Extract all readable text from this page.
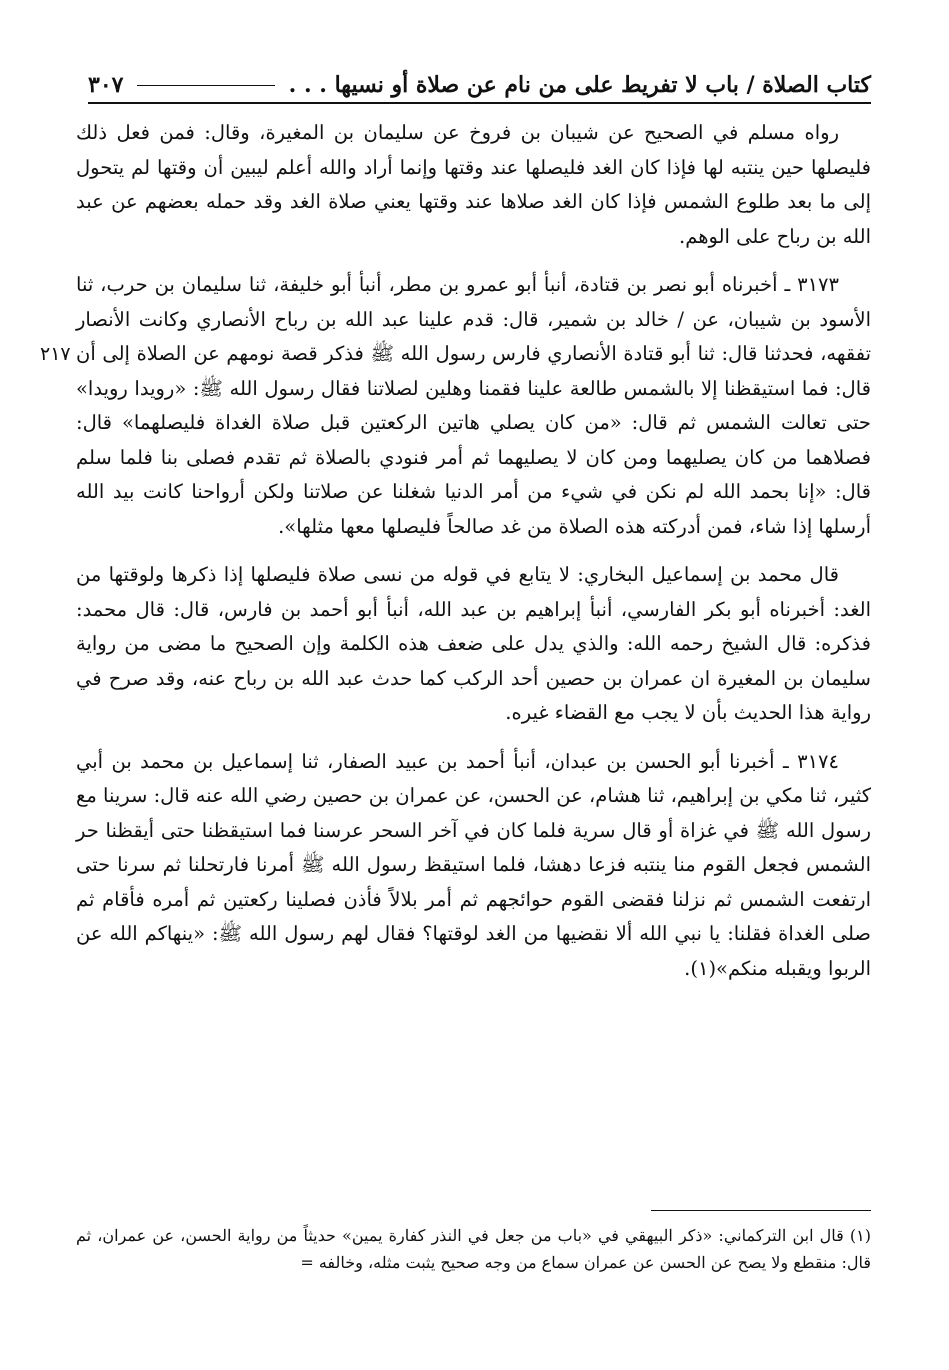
كتاب الصلاة / باب لا تفريط على من نام عن صلاة أو نسيها . . .
٣٠٧

رواه مسلم في الصحيح عن شيبان بن فروخ عن سليمان بن المغيرة، وقال: فمن فعل ذلك فليصلها حين ينتبه لها فإذا كان الغد فليصلها عند وقتها وإنما أراد والله أعلم ليبين أن وقتها لم يتحول إلى ما بعد طلوع الشمس فإذا كان الغد صلاها عند وقتها يعني صلاة الغد وقد حمله بعضهم عن عبد الله بن رباح على الوهم.

٣١٧٣ ـ أخبرناه أبو نصر بن قتادة، أنبأ أبو عمرو بن مطر، أنبأ أبو خليفة، ثنا سليمان بن حرب، ثنا الأسود بن شيبان، عن / خالد بن شمير، قال: قدم علينا عبد الله بن رباح الأنصاري وكانت الأنصار تفقهه، فحدثنا قال: ثنا أبو قتادة الأنصاري فارس رسول الله ﷺ فذكر قصة نومهم عن الصلاة إلى أن قال: فما استيقظنا إلا بالشمس طالعة علينا فقمنا وهلين لصلاتنا فقال رسول الله ﷺ: «رويدا رويدا» حتى تعالت الشمس ثم قال: «من كان يصلي هاتين الركعتين قبل صلاة الغداة فليصلهما» قال: فصلاهما من كان يصليهما ومن كان لا يصليهما ثم أمر فنودي بالصلاة ثم تقدم فصلى بنا فلما سلم قال: «إنا بحمد الله لم نكن في شيء من أمر الدنيا شغلنا عن صلاتنا ولكن أرواحنا كانت بيد الله أرسلها إذا شاء، فمن أدركته هذه الصلاة من غد صالحاً فليصلها معها مثلها».

قال محمد بن إسماعيل البخاري: لا يتابع في قوله من نسى صلاة فليصلها إذا ذكرها ولوقتها من الغد: أخبرناه أبو بكر الفارسي، أنبأ إبراهيم بن عبد الله، أنبأ أبو أحمد بن فارس، قال: قال محمد: فذكره: قال الشيخ رحمه الله: والذي يدل على ضعف هذه الكلمة وإن الصحيح ما مضى من رواية سليمان بن المغيرة ان عمران بن حصين أحد الركب كما حدث عبد الله بن رباح عنه، وقد صرح في رواية هذا الحديث بأن لا يجب مع القضاء غيره.

٣١٧٤ ـ أخبرنا أبو الحسن بن عبدان، أنبأ أحمد بن عبيد الصفار، ثنا إسماعيل بن محمد بن أبي كثير، ثنا مكي بن إبراهيم، ثنا هشام، عن الحسن، عن عمران بن حصين رضي الله عنه قال: سرينا مع رسول الله ﷺ في غزاة أو قال سرية فلما كان في آخر السحر عرسنا فما استيقظنا حتى أيقظنا حر الشمس فجعل القوم منا ينتبه فزعا دهشا، فلما استيقظ رسول الله ﷺ أمرنا فارتحلنا ثم سرنا حتى ارتفعت الشمس ثم نزلنا فقضى القوم حوائجهم ثم أمر بلالاً فأذن فصلينا ركعتين ثم أمره فأقام ثم صلى الغداة فقلنا: يا نبي الله ألا نقضيها من الغد لوقتها؟ فقال لهم رسول الله ﷺ: «ينهاكم الله عن الربوا ويقبله منكم»(١).

٢١٧
(١) قال ابن التركماني: «ذكر البيهقي في «باب من جعل في النذر كفارة يمين» حديثاً من رواية الحسن، عن عمران، ثم قال: منقطع ولا يصح عن الحسن عن عمران سماع من وجه صحيح يثبت مثله، وخالفه =
